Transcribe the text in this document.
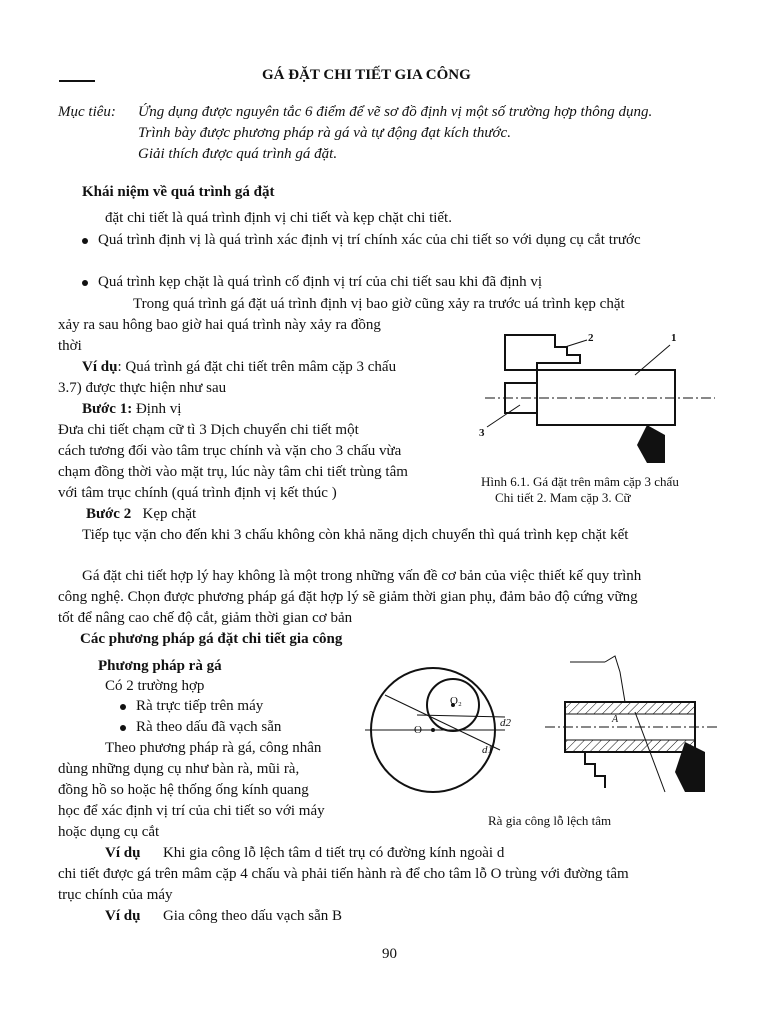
GÁ ĐẶT CHI TIẾT GIA CÔNG
Mục tiêu: Ứng dụng được nguyên tắc 6 điểm để vẽ sơ đồ định vị một số trường hợp thông dụng.
Trình bày được phương pháp rà gá và tự động đạt kích thước.
Giải thích được quá trình gá đặt.
Khái niệm về quá trình gá đặt
đặt chi tiết là quá trình định vị chi tiết và kẹp chặt chi tiết.
Quá trình định vị là quá trình xác định vị trí chính xác của chi tiết so với dụng cụ cắt trước
Quá trình kẹp chặt là quá trình cố định vị trí của chi tiết sau khi đã định vị
Trong quá trình gá đặt uá trình định vị bao giờ cũng xảy ra trước uá trình kẹp chặt
xảy ra sau hông bao giờ hai quá trình này xảy ra đồng
thời
Ví dụ: Quá trình gá đặt chi tiết trên mâm cặp 3 chấu
3.7) được thực hiện như sau
Bước 1: Định vị
Đưa chi tiết chạm cữ tì 3 Dịch chuyển chi tiết một
cách tương đối vào tâm trục chính và vặn cho 3 chấu vừa
chạm đồng thời vào mặt trụ, lúc này tâm chi tiết trùng tâm
với tâm trục chính (quá trình định vị kết thúc )
Bước 2 Kẹp chặt
Tiếp tục vặn cho đến khi 3 chấu không còn khả năng dịch chuyển thì quá trình kẹp chặt kết
1
2
3
Hình 6.1. Gá đặt trên mâm cặp 3 chấu
Chi tiết 2. Mam cặp 3. Cữ
Gá đặt chi tiết hợp lý hay không là một trong những vấn đề cơ bản của việc thiết kế quy trình
công nghệ. Chọn được phương pháp gá đặt hợp lý sẽ giảm thời gian phụ, đảm bảo độ cứng vững
tốt để nâng cao chế độ cắt, giảm thời gian cơ bản
Các phương pháp gá đặt chi tiết gia công
Phương pháp rà gá
Có 2 trường hợp
Rà trực tiếp trên máy
Rà theo dấu đã vạch sẵn
Theo phương pháp rà gá, công nhân
dùng những dụng cụ như bàn rà, mũi rà,
đồng hồ so hoặc hệ thống ống kính quang
học để xác định vị trí của chi tiết so với máy
hoặc dụng cụ cắt
O₂
O
d2
d1
A
Rà gia công lỗ lệch tâm
Ví dụ Khi gia công lỗ lệch tâm d tiết trụ có đường kính ngoài d
chi tiết được gá trên mâm cặp 4 chấu và phải tiến hành rà để cho tâm lỗ O trùng với đường tâm
trục chính của máy
Ví dụ Gia công theo dấu vạch sẵn B
90
